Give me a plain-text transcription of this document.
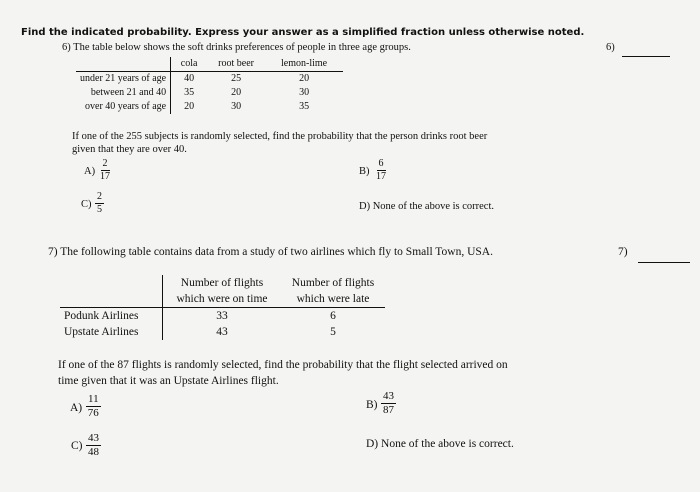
Find the indicated probability. Express your answer as a simplified fraction unless otherwise noted.
6) The table below shows the soft drinks preferences of people in three age groups.	6)
	cola	root beer	lemon-lime
under 21 years of age	40	25	20
between 21 and 40	35	20	30
over 40 years of age	20	30	35
If one of the 255 subjects is randomly selected, find the probability that the person drinks root beer
given that they are over 40.
$A) \frac{2}{17}$	$B) \frac{6}{17}$
$C) \frac{2}{5}$	D) None of the above is correct.
7) The following table contains data from a study of two airlines which fly to Small Town, USA.	7)
	Number of flights	Number of flights
	which were on time	which were late
Podunk Airlines	33	6
Upstate Airlines	43	5
If one of the 87 flights is randomly selected, find the probability that the flight selected arrived on
time given that it was an Upstate Airlines flight.
$A) \frac{11}{76}$	$B) \frac{43}{87}$
$C) \frac{43}{48}$	D) None of the above is correct.
